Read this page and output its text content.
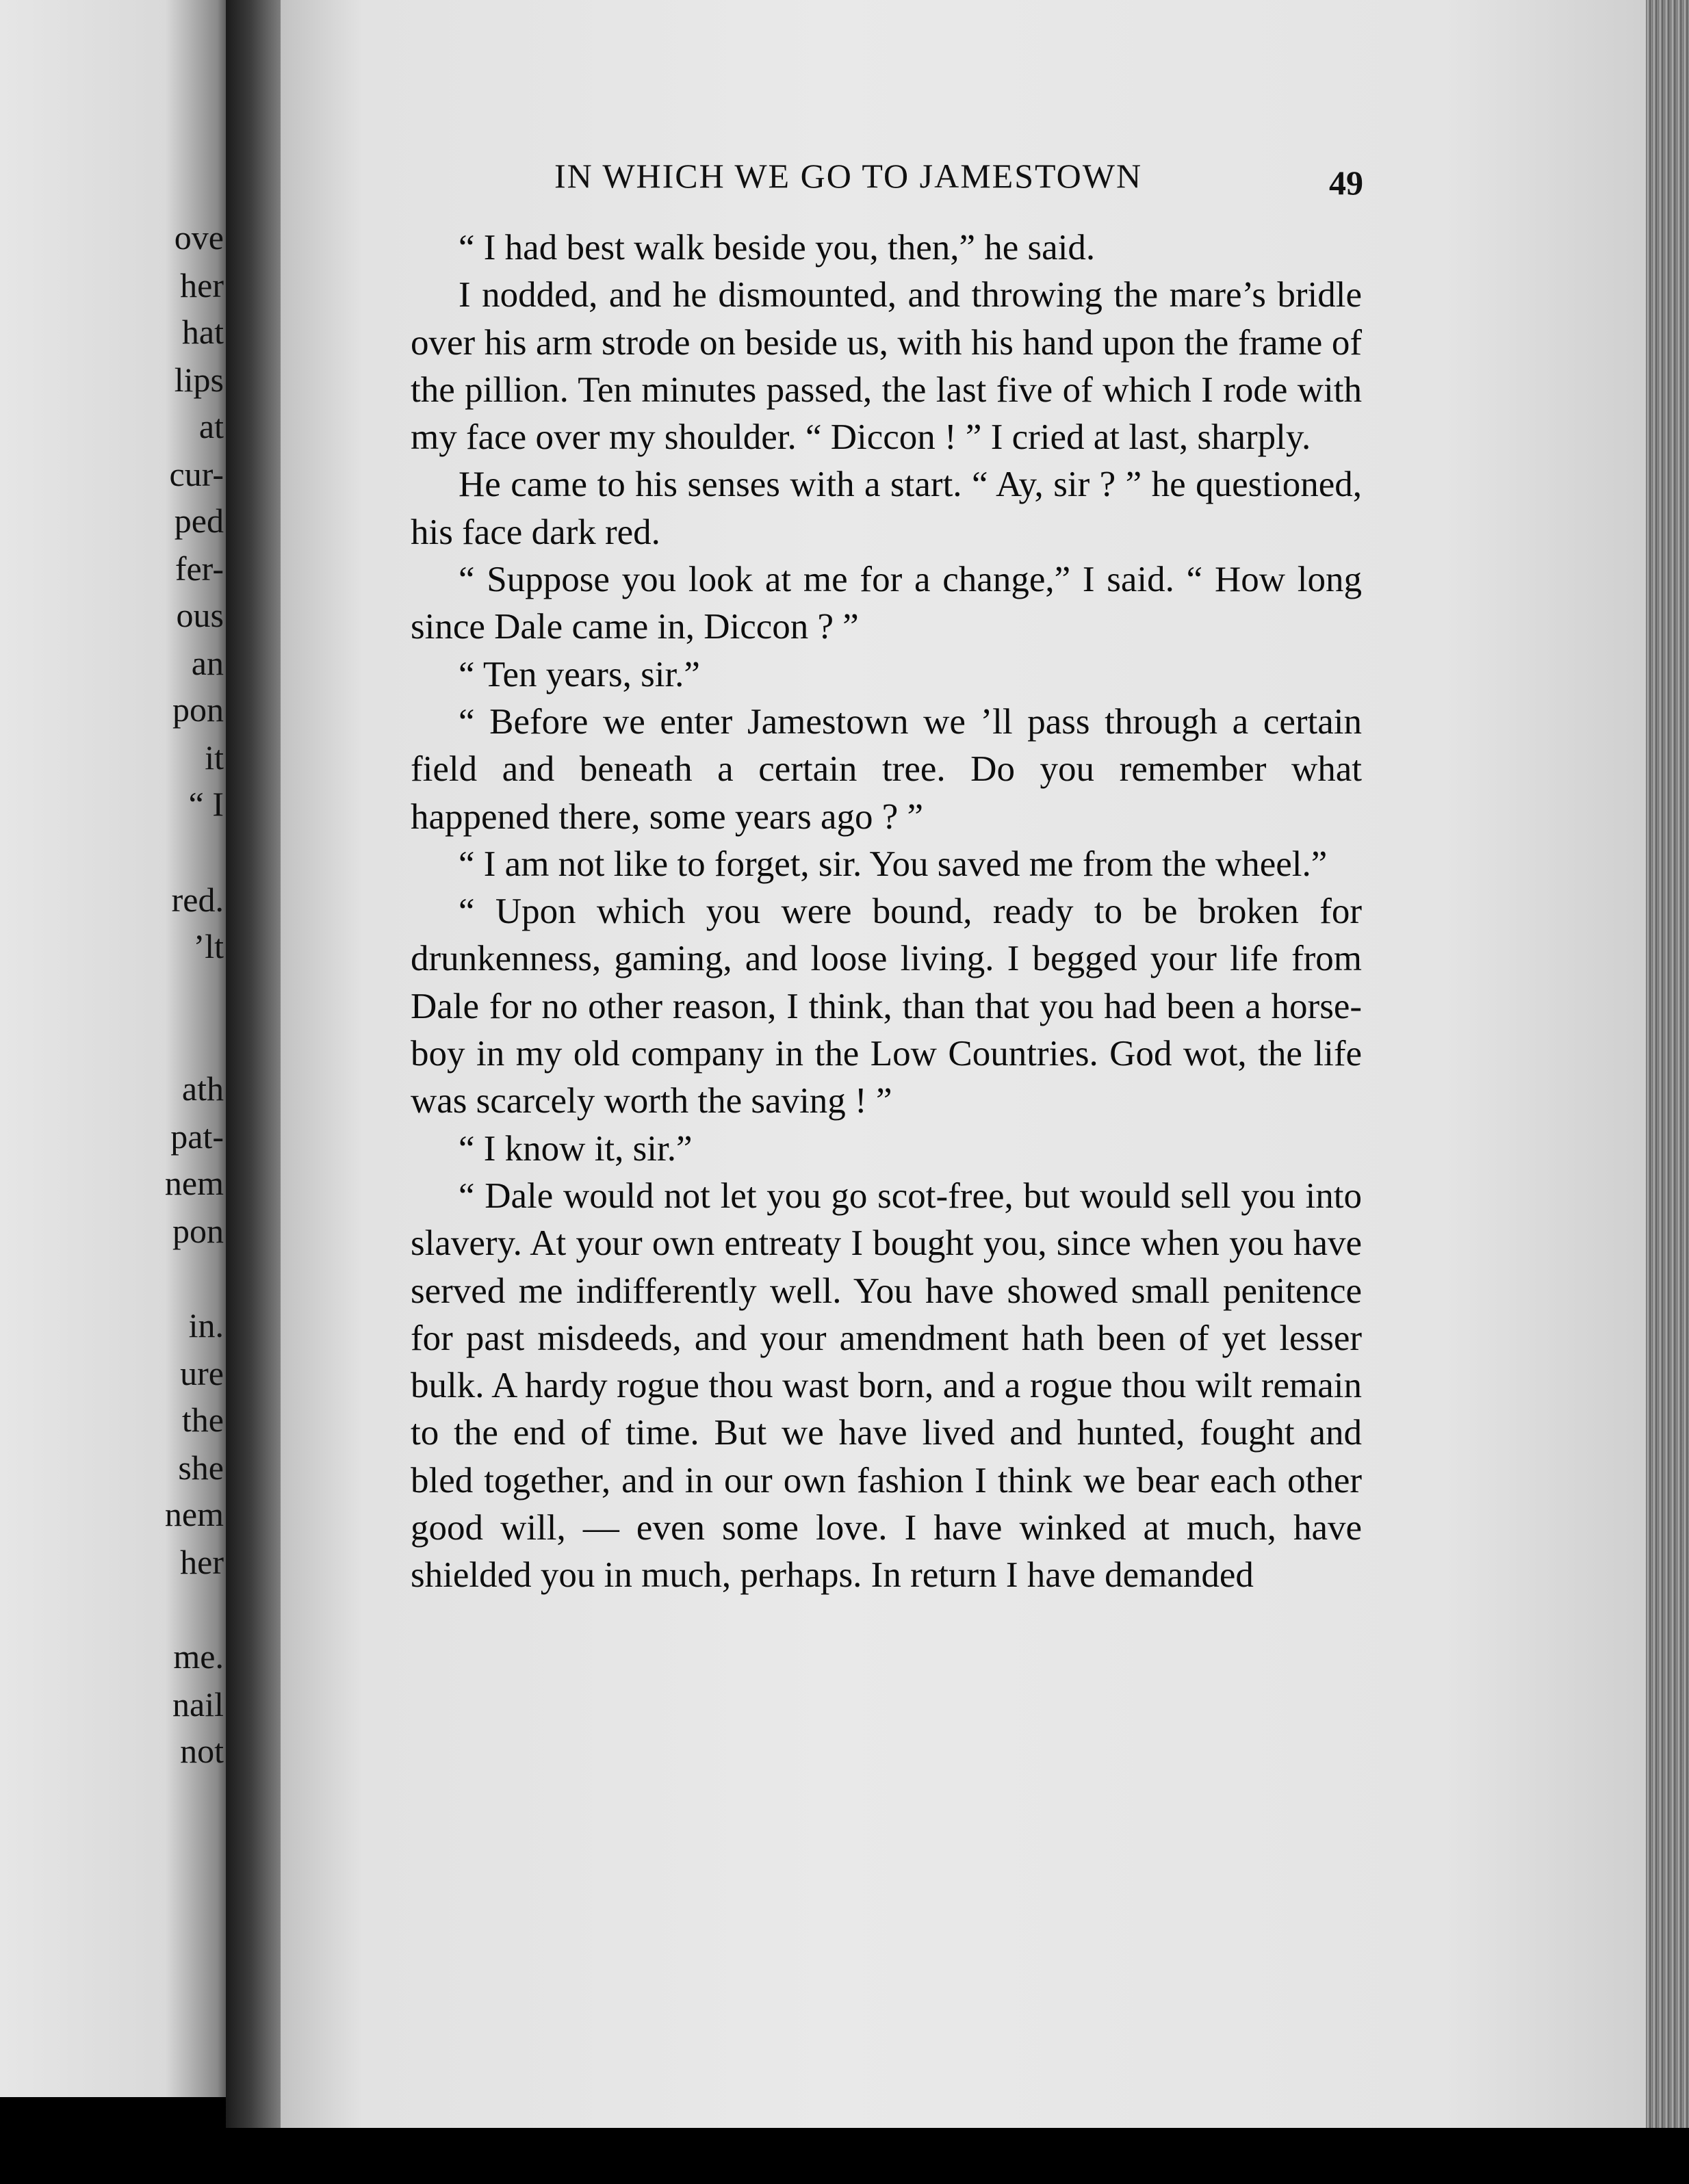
ove
her
hat
lips
at
cur-
ped
fer-
ous
an
pon
it
“ I
red.
’lt
ath
pat-
nem
pon
in.
ure
the
she
nem
her
me.
nail
not
IN WHICH WE GO TO JAMESTOWN	49

“ I had best walk beside you, then,” he said.

I nodded, and he dismounted, and throwing the mare’s bridle over his arm strode on beside us, with his hand upon the frame of the pillion. Ten minutes passed, the last five of which I rode with my face over my shoulder. “ Diccon ! ” I cried at last, sharply.

He came to his senses with a start. “ Ay, sir ? ” he questioned, his face dark red.

“ Suppose you look at me for a change,” I said. “ How long since Dale came in, Diccon ? ”

“ Ten years, sir.”

“ Before we enter Jamestown we ’ll pass through a certain field and beneath a certain tree. Do you remember what happened there, some years ago ? ”

“ I am not like to forget, sir. You saved me from the wheel.”

“ Upon which you were bound, ready to be broken for drunkenness, gaming, and loose living. I begged your life from Dale for no other reason, I think, than that you had been a horse-boy in my old company in the Low Countries. God wot, the life was scarcely worth the saving ! ”

“ I know it, sir.”

“ Dale would not let you go scot-free, but would sell you into slavery. At your own entreaty I bought you, since when you have served me indifferently well. You have showed small penitence for past misdeeds, and your amendment hath been of yet lesser bulk. A hardy rogue thou wast born, and a rogue thou wilt remain to the end of time. But we have lived and hunted, fought and bled together, and in our own fashion I think we bear each other good will, — even some love. I have winked at much, have shielded you in much, perhaps. In return I have demanded
